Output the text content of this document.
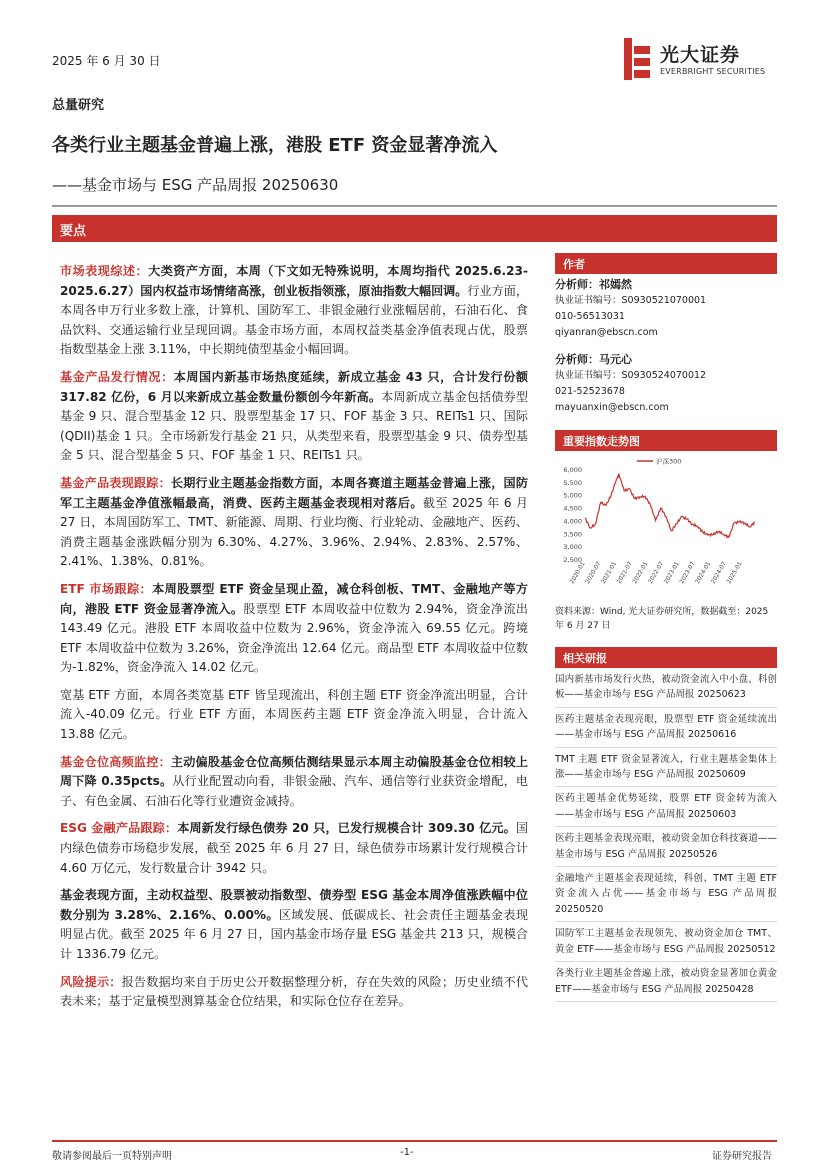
2025 年 6 月 30 日	光大证券
EVERBRIGHT SECURITIES
总量研究
各类行业主题基金普遍上涨，港股 ETF 资金显著净流入
——基金市场与 ESG 产品周报 20250630
要点

市场表现综述：大类资产方面，本周（下文如无特殊说明，本周均指代 2025.6.23-2025.6.27）国内权益市场情绪高涨，创业板指领涨，原油指数大幅回调。行业方面，本周各申万行业多数上涨，计算机、国防军工、非银金融行业涨幅居前，石油石化、食品饮料、交通运输行业呈现回调。基金市场方面，本周权益类基金净值表现占优，股票指数型基金上涨 3.11%，中长期纯债型基金小幅回调。

基金产品发行情况：本周国内新基市场热度延续，新成立基金 43 只，合计发行份额 317.82 亿份，6 月以来新成立基金数量份额创今年新高。本周新成立基金包括债券型基金 9 只、混合型基金 12 只、股票型基金 17 只、FOF 基金 3 只、REITs1 只、国际(QDII)基金 1 只。全市场新发行基金 21 只，从类型来看，股票型基金 9 只、债券型基金 5 只、混合型基金 5 只、FOF 基金 1 只、REITs1 只。

基金产品表现跟踪：长期行业主题基金指数方面，本周各赛道主题基金普遍上涨，国防军工主题基金净值涨幅最高，消费、医药主题基金表现相对落后。截至 2025 年 6 月 27 日，本周国防军工、TMT、新能源、周期、行业均衡、行业轮动、金融地产、医药、消费主题基金涨跌幅分别为 6.30%、4.27%、3.96%、2.94%、2.83%、2.57%、2.41%、1.38%、0.81%。

ETF 市场跟踪：本周股票型 ETF 资金呈现止盈，减仓科创板、TMT、金融地产等方向，港股 ETF 资金显著净流入。股票型 ETF 本周收益中位数为 2.94%，资金净流出 143.49 亿元。港股 ETF 本周收益中位数为 2.96%，资金净流入 69.55 亿元。跨境 ETF 本周收益中位数为 3.26%，资金净流出 12.64 亿元。商品型 ETF 本周收益中位数为-1.82%，资金净流入 14.02 亿元。

宽基 ETF 方面，本周各类宽基 ETF 皆呈现流出，科创主题 ETF 资金净流出明显，合计流入-40.09 亿元。行业 ETF 方面，本周医药主题 ETF 资金净流入明显，合计流入 13.88 亿元。

基金仓位高频监控：主动偏股基金仓位高频估测结果显示本周主动偏股基金仓位相较上周下降 0.35pcts。从行业配置动向看，非银金融、汽车、通信等行业获资金增配，电子、有色金属、石油石化等行业遭资金减持。

ESG 金融产品跟踪：本周新发行绿色债券 20 只，已发行规模合计 309.30 亿元。国内绿色债券市场稳步发展，截至 2025 年 6 月 27 日，绿色债券市场累计发行规模合计 4.60 万亿元，发行数量合计 3942 只。

基金表现方面，主动权益型、股票被动指数型、债券型 ESG 基金本周净值涨跌幅中位数分别为 3.28%、2.16%、0.00%。区域发展、低碳成长、社会责任主题基金表现明显占优。截至 2025 年 6 月 27 日，国内基金市场存量 ESG 基金共 213 只，规模合计 1336.79 亿元。

风险提示：报告数据均来自于历史公开数据整理分析，存在失效的风险；历史业绩不代表未来；基于定量模型测算基金仓位结果，和实际仓位存在差异。

作者
分析师：祁嫣然
执业证书编号：S0930521070001
010-56513031
qiyanran@ebscn.com
分析师：马元心
执业证书编号：S0930524070012
021-52523678
mayuanxin@ebscn.com
重要指数走势图
6,000
5,500
5,000
4,500
4,000
3,500
3,000
2,500
2020-01
2020-07
2021-01
2021-07
2022-01
2022-07
2023-01
2023-07
2024-01
2024-07
2025-01
沪深300
资料来源：Wind, 光大证券研究所，数据截至：2025 年 6 月 27 日
相关研报
国内新基市场发行火热，被动资金流入中小盘、科创板——基金市场与 ESG 产品周报 20250623
医药主题基金表现亮眼，股票型 ETF 资金延续流出——基金市场与 ESG 产品周报 20250616
TMT 主题 ETF 资金显著流入，行业主题基金集体上涨——基金市场与 ESG 产品周报 20250609
医药主题基金优势延续，股票 ETF 资金转为流入——基金市场与 ESG 产品周报 20250603
医药主题基金表现亮眼，被动资金加仓科技赛道——基金市场与 ESG 产品周报 20250526
金融地产主题基金表现延续，科创、TMT 主题 ETF 资金流入占优——基金市场与 ESG 产品周报 20250520
国防军工主题基金表现领先，被动资金加仓 TMT、黄金 ETF——基金市场与 ESG 产品周报 20250512
各类行业主题基金普遍上涨，被动资金显著加仓黄金 ETF——基金市场与 ESG 产品周报 20250428
敬请参阅最后一页特别声明	-1-	证券研究报告
